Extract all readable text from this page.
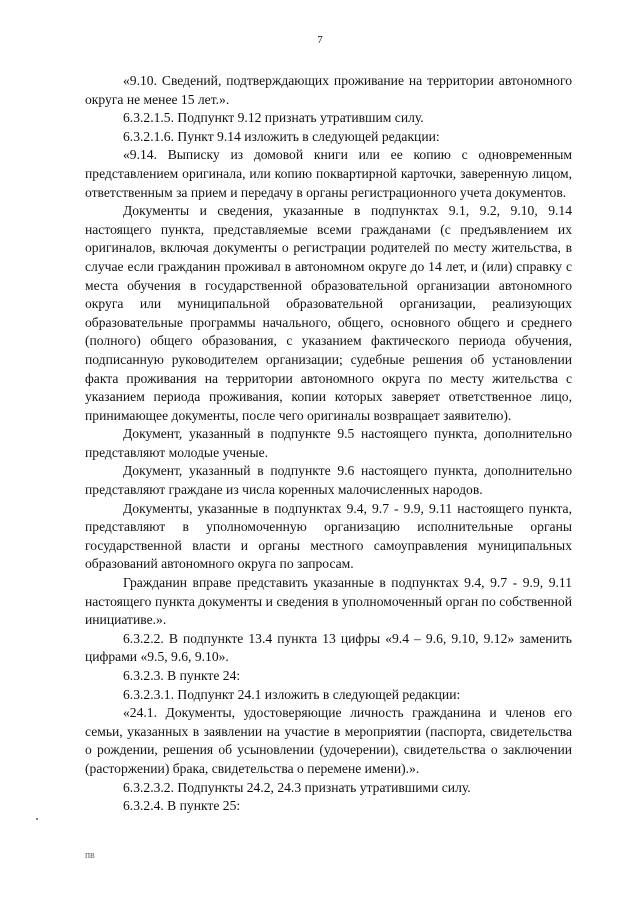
7

«9.10. Сведений, подтверждающих проживание на территории автономного округа не менее 15 лет.».

6.3.2.1.5. Подпункт 9.12 признать утратившим силу.

6.3.2.1.6. Пункт 9.14 изложить в следующей редакции:

«9.14. Выписку из домовой книги или ее копию с одновременным представлением оригинала, или копию поквартирной карточки, заверенную лицом, ответственным за прием и передачу в органы регистрационного учета документов.

Документы и сведения, указанные в подпунктах 9.1, 9.2, 9.10, 9.14 настоящего пункта, представляемые всеми гражданами (с предъявлением их оригиналов, включая документы о регистрации родителей по месту жительства, в случае если гражданин проживал в автономном округе до 14 лет, и (или) справку с места обучения в государственной образовательной организации автономного округа или муниципальной образовательной организации, реализующих образовательные программы начального, общего, основного общего и среднего (полного) общего образования, с указанием фактического периода обучения, подписанную руководителем организации; судебные решения об установлении факта проживания на территории автономного округа по месту жительства с указанием периода проживания, копии которых заверяет ответственное лицо, принимающее документы, после чего оригиналы возвращает заявителю).

Документ, указанный в подпункте 9.5 настоящего пункта, дополнительно представляют молодые ученые.

Документ, указанный в подпункте 9.6 настоящего пункта, дополнительно представляют граждане из числа коренных малочисленных народов.

Документы, указанные в подпунктах 9.4, 9.7 - 9.9, 9.11 настоящего пункта, представляют в уполномоченную организацию исполнительные органы государственной власти и органы местного самоуправления муниципальных образований автономного округа по запросам.

Гражданин вправе представить указанные в подпунктах 9.4, 9.7 - 9.9, 9.11 настоящего пункта документы и сведения в уполномоченный орган по собственной инициативе.».

6.3.2.2. В подпункте 13.4 пункта 13 цифры «9.4 – 9.6, 9.10, 9.12» заменить цифрами «9.5, 9.6, 9.10».

6.3.2.3. В пункте 24:

6.3.2.3.1. Подпункт 24.1 изложить в следующей редакции:

«24.1. Документы, удостоверяющие личность гражданина и членов его семьи, указанных в заявлении на участие в мероприятии (паспорта, свидетельства о рождении, решения об усыновлении (удочерении), свидетельства о заключении (расторжении) брака, свидетельства о перемене имени).».

6.3.2.3.2. Подпункты 24.2, 24.3 признать утратившими силу.

6.3.2.4. В пункте 25:

ПВ
